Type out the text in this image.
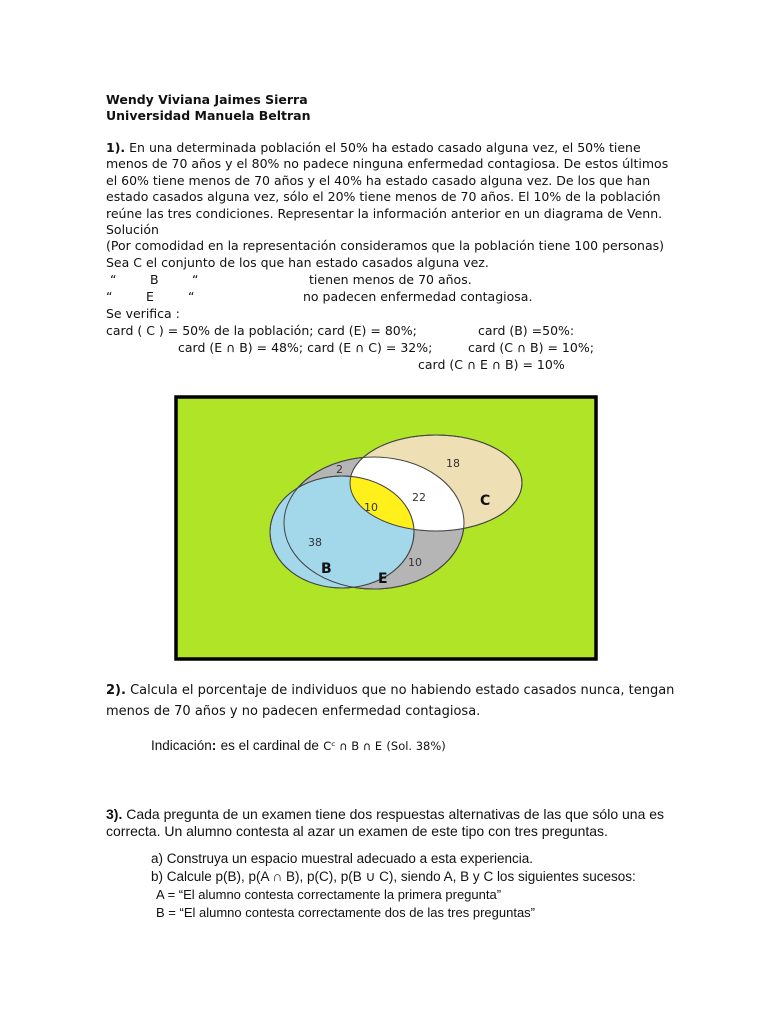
Wendy Viviana Jaimes Sierra
Universidad Manuela Beltran
1). En una determinada población el 50% ha estado casado alguna vez, el 50% tiene
menos de 70 años y el 80% no padece ninguna enfermedad contagiosa. De estos últimos
el 60% tiene menos de 70 años y el 40% ha estado casado alguna vez. De los que han
estado casados alguna vez, sólo el 20% tiene menos de 70 años. El 10% de la población
reúne las tres condiciones. Representar la información anterior en un diagrama de Venn.
Solución
(Por comodidad en la representación consideramos que la población tiene 100 personas)
Sea C el conjunto de los que han estado casados alguna vez.
“	B	“	tienen menos de 70 años.
“	E	“	no padecen enfermedad contagiosa.
Se verifica :
card ( C ) = 50% de la población; card (E) = 80%;	card (B) =50%:
card (E ∩ B) = 48%; card (E ∩ C) = 32%;	card (C ∩ B) = 10%;
card (C ∩ E ∩ B) = 10%
18
2
10
22
38
10
C
B
E
2). Calcula el porcentaje de individuos que no habiendo estado casados nunca, tengan
menos de 70 años y no padecen enfermedad contagiosa.
Indicación: es el cardinal de Cᶜ ∩ B ∩ E (Sol. 38%)
3). Cada pregunta de un examen tiene dos respuestas alternativas de las que sólo una es
correcta. Un alumno contesta al azar un examen de este tipo con tres preguntas.
a) Construya un espacio muestral adecuado a esta experiencia.
b) Calcule p(B), p(A ∩ B), p(C), p(B ∪ C), siendo A, B y C los siguientes sucesos:
A = “El alumno contesta correctamente la primera pregunta”
B = “El alumno contesta correctamente dos de las tres preguntas”
